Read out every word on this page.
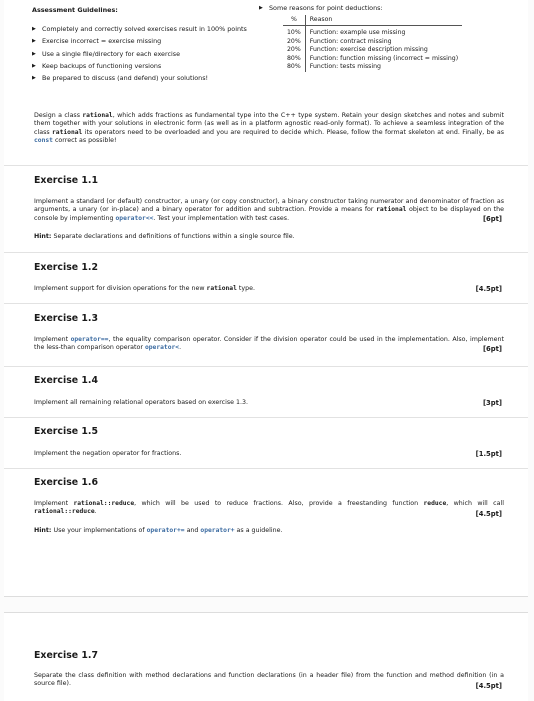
Assessment Guidelines:
▶ Completely and correctly solved exercises result in 100% points
▶ Exercise incorrect = exercise missing
▶ Use a single file/directory for each exercise
▶ Keep backups of functioning versions
▶ Be prepared to discuss (and defend) your solutions!
▶ Some reasons for point deductions:
%	Reason
10%	Function: example use missing
20%	Function: contract missing
20%	Function: exercise description missing
80%	Function: function missing (incorrect = missing)
80%	Function: tests missing
Design a class rational, which adds fractions as fundamental type into the C++ type system. Retain your design sketches and notes and submit them together with your solutions in electronic form (as well as in a platform agnostic read-only format). To achieve a seamless integration of the class rational its operators need to be overloaded and you are required to decide which. Please, follow the format skeleton at end. Finally, be as const correct as possible!
Exercise 1.1
Implement a standard (or default) constructor, a unary (or copy constructor), a binary constructor taking numerator and denominator of fraction as arguments, a unary (or in-place) and a binary operator for addition and subtraction. Provide a means for rational object to be displayed on the console by implementing operator<<. Test your implementation with test cases.	[6pt]
Hint: Separate declarations and definitions of functions within a single source file.
Exercise 1.2
Implement support for division operations for the new rational type.	[4.5pt]
Exercise 1.3
Implement operator==, the equality comparison operator. Consider if the division operator could be used in the implementation. Also, implement the less-than comparison operator operator<.	[6pt]
Exercise 1.4
Implement all remaining relational operators based on exercise 1.3.	[3pt]
Exercise 1.5
Implement the negation operator for fractions.	[1.5pt]
Exercise 1.6
Implement rational::reduce, which will be used to reduce fractions. Also, provide a freestanding function reduce, which will call rational::reduce.	[4.5pt]
Hint: Use your implementations of operator+= and operator+ as a guideline.
Exercise 1.7
Separate the class definition with method declarations and function declarations (in a header file) from the function and method definition (in a source file).	[4.5pt]
